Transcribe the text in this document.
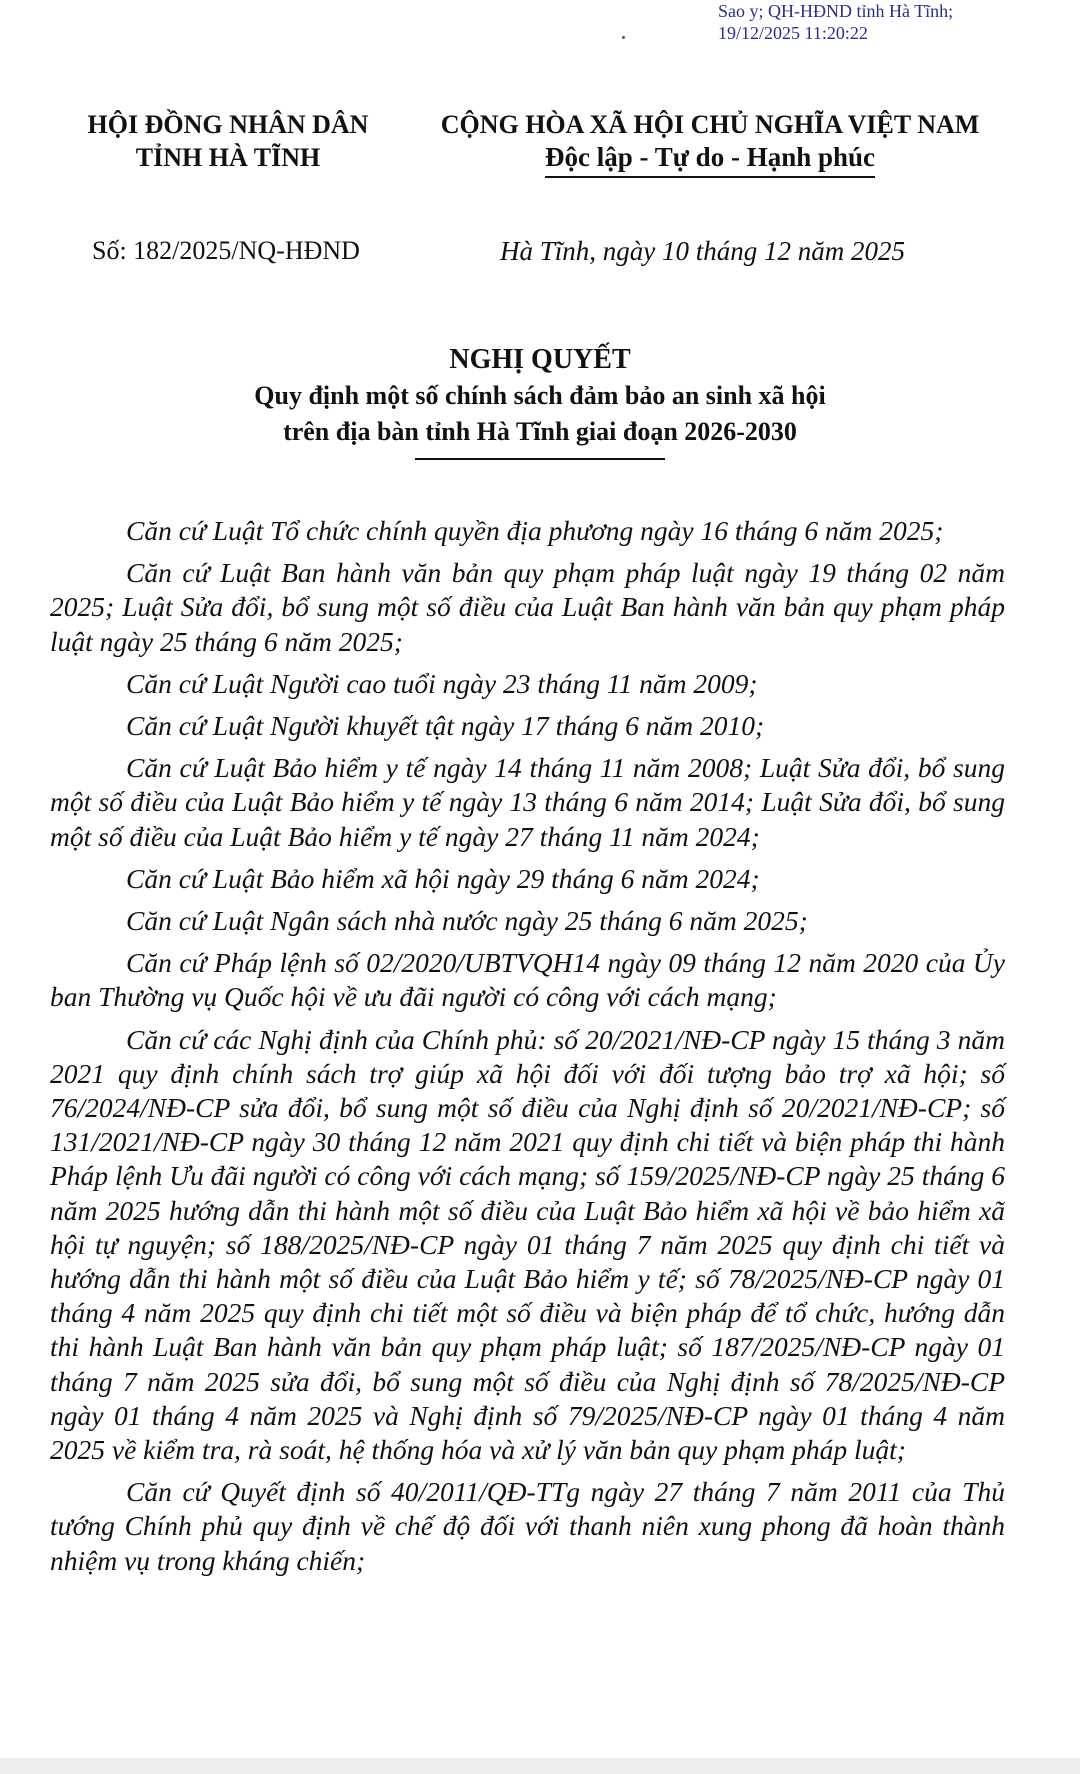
Sao y; QH-HĐND tỉnh Hà Tĩnh;
19/12/2025 11:20:22
HỘI ĐỒNG NHÂN DÂN
TỈNH HÀ TĨNH
CỘNG HÒA XÃ HỘI CHỦ NGHĨA VIỆT NAM
Độc lập - Tự do - Hạnh phúc
Số: 182/2025/NQ-HĐND	Hà Tĩnh, ngày 10 tháng 12 năm 2025
NGHỊ QUYẾT
Quy định một số chính sách đảm bảo an sinh xã hội
trên địa bàn tỉnh Hà Tĩnh giai đoạn 2026-2030

Căn cứ Luật Tổ chức chính quyền địa phương ngày 16 tháng 6 năm 2025;

Căn cứ Luật Ban hành văn bản quy phạm pháp luật ngày 19 tháng 02 năm 2025; Luật Sửa đổi, bổ sung một số điều của Luật Ban hành văn bản quy phạm pháp luật ngày 25 tháng 6 năm 2025;

Căn cứ Luật Người cao tuổi ngày 23 tháng 11 năm 2009;

Căn cứ Luật Người khuyết tật ngày 17 tháng 6 năm 2010;

Căn cứ Luật Bảo hiểm y tế ngày 14 tháng 11 năm 2008; Luật Sửa đổi, bổ sung một số điều của Luật Bảo hiểm y tế ngày 13 tháng 6 năm 2014; Luật Sửa đổi, bổ sung một số điều của Luật Bảo hiểm y tế ngày 27 tháng 11 năm 2024;

Căn cứ Luật Bảo hiểm xã hội ngày 29 tháng 6 năm 2024;

Căn cứ Luật Ngân sách nhà nước ngày 25 tháng 6 năm 2025;

Căn cứ Pháp lệnh số 02/2020/UBTVQH14 ngày 09 tháng 12 năm 2020 của Ủy ban Thường vụ Quốc hội về ưu đãi người có công với cách mạng;

Căn cứ các Nghị định của Chính phủ: số 20/2021/NĐ-CP ngày 15 tháng 3 năm 2021 quy định chính sách trợ giúp xã hội đối với đối tượng bảo trợ xã hội; số 76/2024/NĐ-CP sửa đổi, bổ sung một số điều của Nghị định số 20/2021/NĐ-CP; số 131/2021/NĐ-CP ngày 30 tháng 12 năm 2021 quy định chi tiết và biện pháp thi hành Pháp lệnh Ưu đãi người có công với cách mạng; số 159/2025/NĐ-CP ngày 25 tháng 6 năm 2025 hướng dẫn thi hành một số điều của Luật Bảo hiểm xã hội về bảo hiểm xã hội tự nguyện; số 188/2025/NĐ-CP ngày 01 tháng 7 năm 2025 quy định chi tiết và hướng dẫn thi hành một số điều của Luật Bảo hiểm y tế; số 78/2025/NĐ-CP ngày 01 tháng 4 năm 2025 quy định chi tiết một số điều và biện pháp để tổ chức, hướng dẫn thi hành Luật Ban hành văn bản quy phạm pháp luật; số 187/2025/NĐ-CP ngày 01 tháng 7 năm 2025 sửa đổi, bổ sung một số điều của Nghị định số 78/2025/NĐ-CP ngày 01 tháng 4 năm 2025 và Nghị định số 79/2025/NĐ-CP ngày 01 tháng 4 năm 2025 về kiểm tra, rà soát, hệ thống hóa và xử lý văn bản quy phạm pháp luật;

Căn cứ Quyết định số 40/2011/QĐ-TTg ngày 27 tháng 7 năm 2011 của Thủ tướng Chính phủ quy định về chế độ đối với thanh niên xung phong đã hoàn thành nhiệm vụ trong kháng chiến;
